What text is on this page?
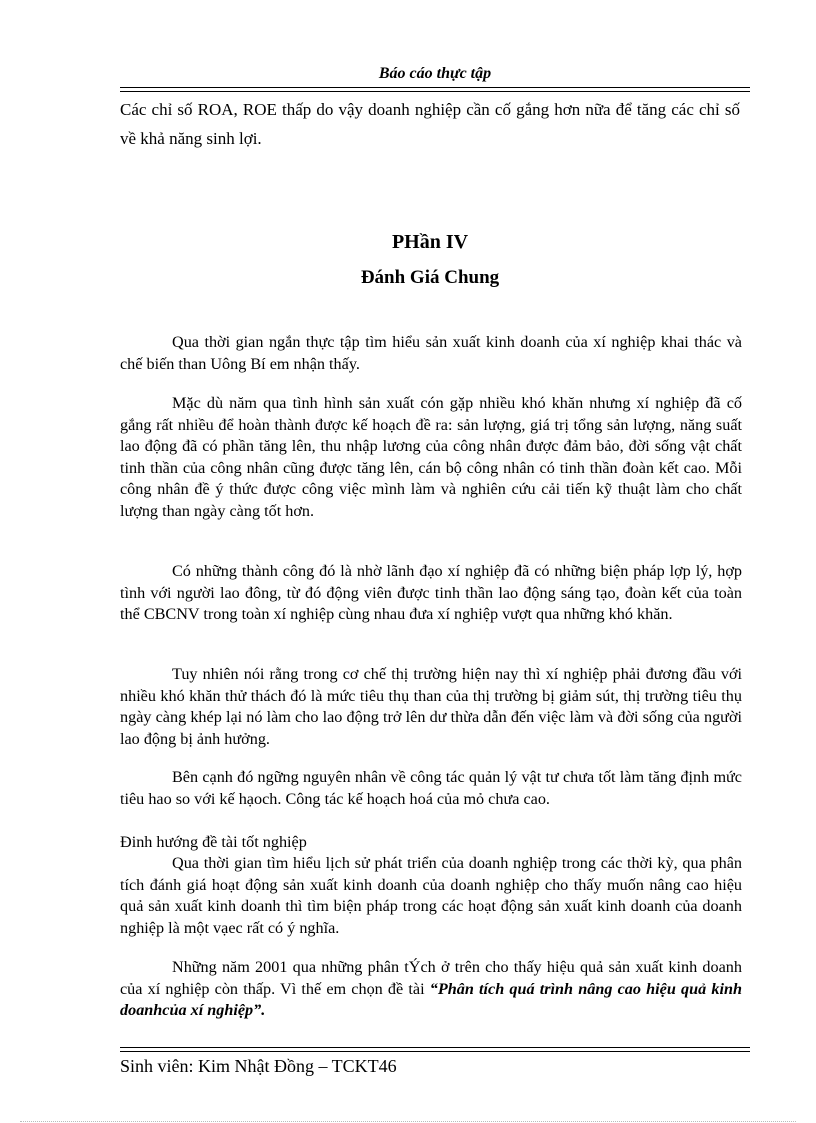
Báo cáo thực tập

Các chỉ số ROA, ROE thấp do vậy doanh nghiệp cần cố gắng hơn nữa để tăng các chỉ số về khả năng sinh lợi.

PHần IV
Đánh Giá Chung

Qua thời gian ngắn thực tập tìm hiểu sản xuất kinh doanh của xí nghiệp khai thác và chế biến than Uông Bí em nhận thấy.

Mặc dù năm qua tình hình sản xuất cón gặp nhiều khó khăn nhưng xí nghiệp đã cố gắng rất nhiều để hoàn thành được kế hoạch đề ra: sản lượng, giá trị tổng sản lượng, năng suất lao động đã có phần tăng lên, thu nhập lương của công nhân được đảm bảo, đời sống vật chất tinh thần của công nhân cũng được tăng lên, cán bộ công nhân có tinh thần đoàn kết cao. Mỗi công nhân đề ý thức được công việc mình làm và nghiên cứu cải tiến kỹ thuật làm cho chất lượng than ngày càng tốt hơn.

Có những thành công đó là nhờ lãnh đạo xí nghiệp đã có những biện pháp lợp lý, hợp tình với người lao đông, từ đó động viên được tinh thần lao động sáng tạo, đoàn kết của toàn thể CBCNV trong toàn xí nghiệp cùng nhau đưa xí nghiệp vượt qua những khó khăn.

Tuy nhiên nói rằng trong cơ chế thị trường hiện nay thì xí nghiệp phải đương đầu với nhiều khó khăn thử thách đó là mức tiêu thụ than của thị trường bị giảm sút, thị trường tiêu thụ ngày càng khép lại nó làm cho lao động trở lên dư thừa dẫn đến việc làm và đời sống của người lao động bị ảnh hưởng.

Bên cạnh đó ngững nguyên nhân về công tác quản lý vật tư chưa tốt làm tăng định mức tiêu hao so với kế hạoch. Công tác kế hoạch hoá của mỏ chưa cao.

Đinh hướng đề tài tốt nghiệp

Qua thời gian tìm hiểu lịch sử phát triển của doanh nghiệp trong các thời kỳ, qua phân tích đánh giá hoạt động sản xuất kinh doanh của doanh nghiệp cho thấy muốn nâng cao hiệu quả sản xuất kinh doanh thì tìm biện pháp trong các hoạt động sản xuất kinh doanh của doanh nghiệp là một vạec rất có ý nghĩa.

Những năm 2001 qua những phân tÝch ở trên cho thấy hiệu quả sản xuất kinh doanh của xí nghiệp còn thấp. Vì thế em chọn đề tài “Phân tích quá trình nâng cao hiệu quả kinh doanhcủa xí nghiệp”.

Sinh viên: Kim Nhật Đồng – TCKT46
